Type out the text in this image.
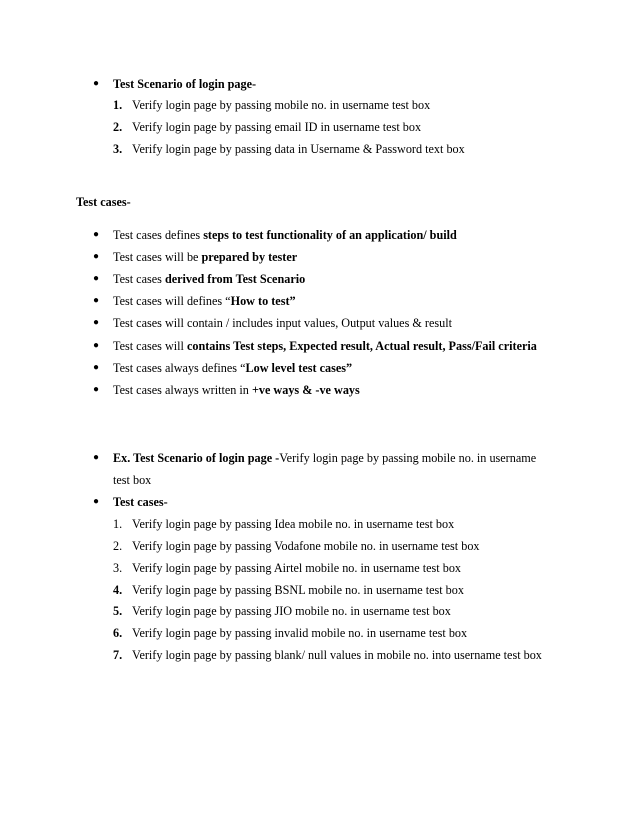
● Test Scenario of login page-
1. Verify login page by passing mobile no. in username test box
2. Verify login page by passing email ID in username test box
3. Verify login page by passing data in Username & Password text box
Test cases-
● Test cases defines steps to test functionality of an application/ build
● Test cases will be prepared by tester
● Test cases derived from Test Scenario
● Test cases will defines “How to test”
● Test cases will contain / includes input values, Output values & result
● Test cases will contains Test steps, Expected result, Actual result, Pass/Fail criteria
● Test cases always defines “Low level test cases”
● Test cases always written in +ve ways & -ve ways
● Ex. Test Scenario of login page -Verify login page by passing mobile no. in username
test box
● Test cases-
1. Verify login page by passing Idea mobile no. in username test box
2. Verify login page by passing Vodafone mobile no. in username test box
3. Verify login page by passing Airtel mobile no. in username test box
4. Verify login page by passing BSNL mobile no. in username test box
5. Verify login page by passing JIO mobile no. in username test box
6. Verify login page by passing invalid mobile no. in username test box
7. Verify login page by passing blank/ null values in mobile no. into username test box
